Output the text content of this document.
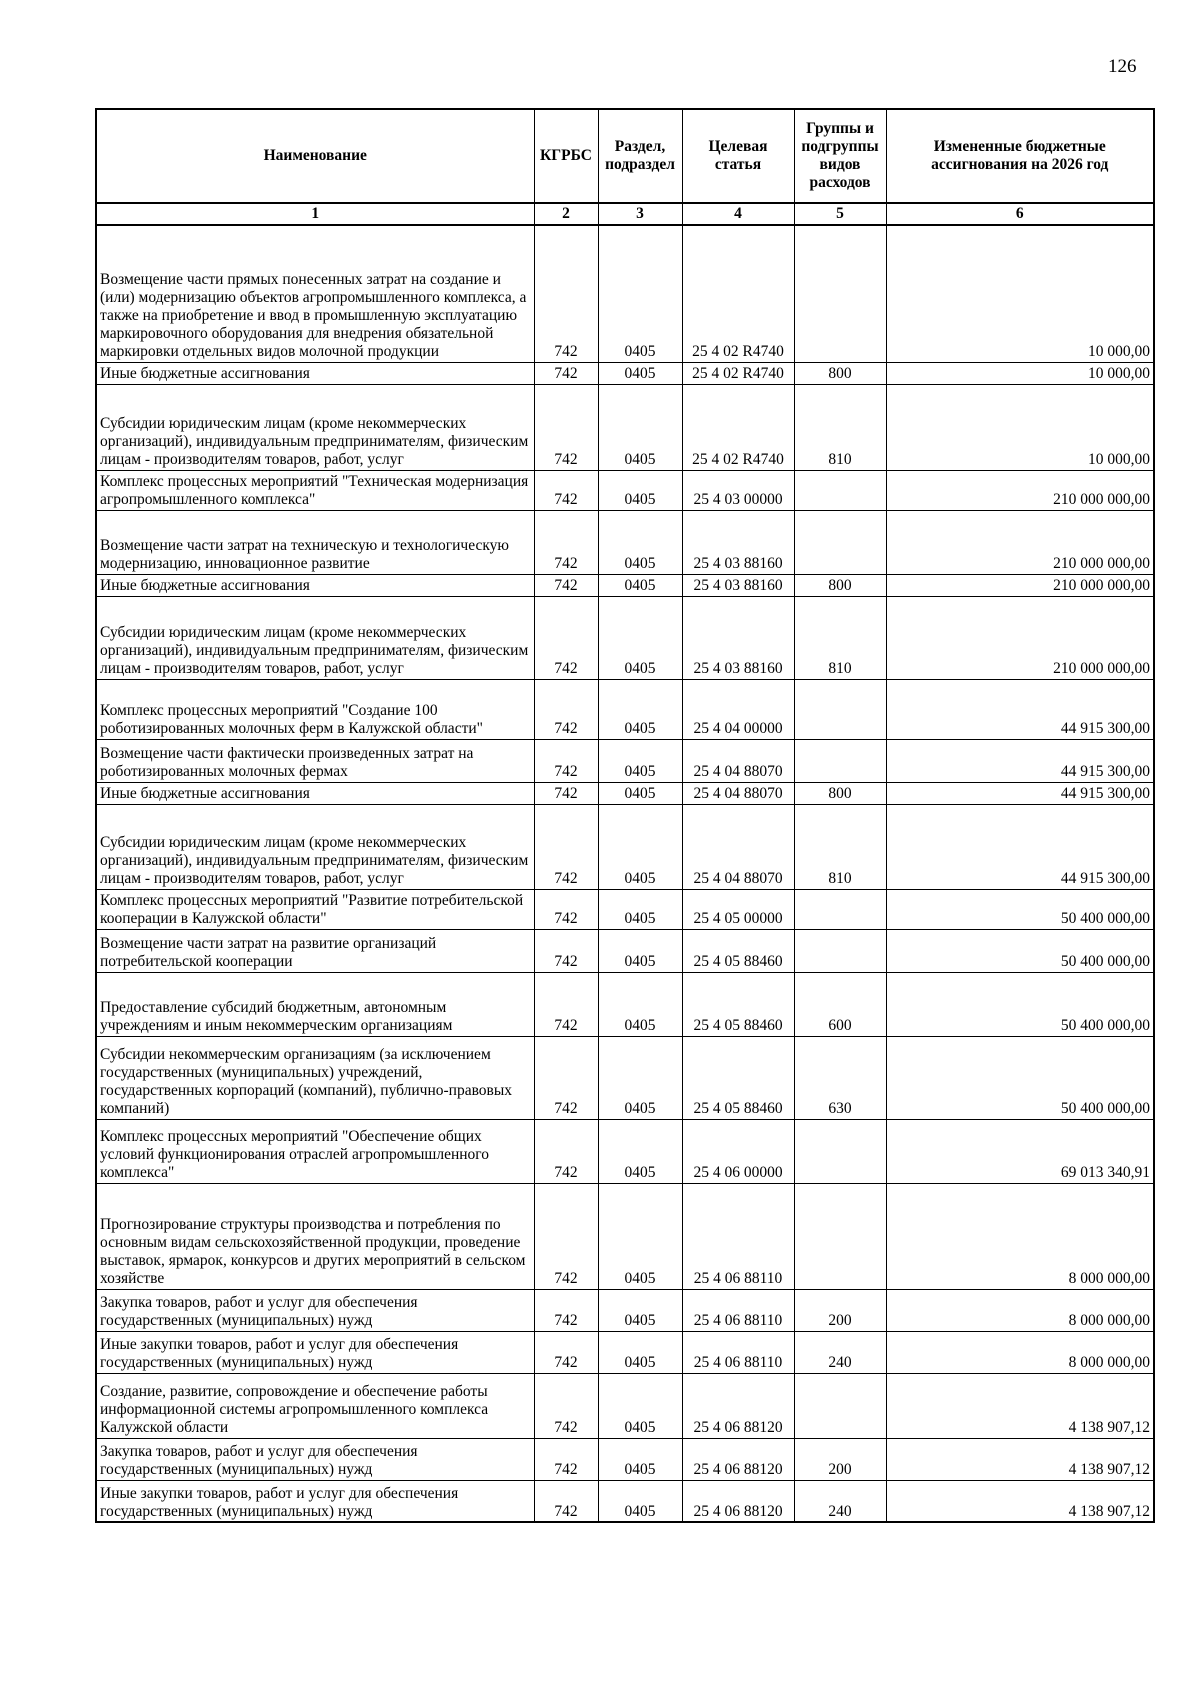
126
Наименование	КГРБС	Раздел, подраздел	Целевая статья	Группы и подгруппы видов расходов	Измененные бюджетные ассигнования на 2026 год
1	2	3	4	5	6
Возмещение части прямых понесенных затрат на создание и (или) модернизацию объектов агропромышленного комплекса, а также на приобретение и ввод в промышленную эксплуатацию маркировочного оборудования для внедрения обязательной маркировки отдельных видов молочной продукции	742	0405	25 4 02 R4740		10 000,00
Иные бюджетные ассигнования	742	0405	25 4 02 R4740	800	10 000,00
Субсидии юридическим лицам (кроме некоммерческих организаций), индивидуальным предпринимателям, физическим лицам - производителям товаров, работ, услуг	742	0405	25 4 02 R4740	810	10 000,00
Комплекс процессных мероприятий "Техническая модернизация агропромышленного комплекса"	742	0405	25 4 03 00000		210 000 000,00
Возмещение части затрат на техническую и технологическую модернизацию, инновационное развитие	742	0405	25 4 03 88160		210 000 000,00
Иные бюджетные ассигнования	742	0405	25 4 03 88160	800	210 000 000,00
Субсидии юридическим лицам (кроме некоммерческих организаций), индивидуальным предпринимателям, физическим лицам - производителям товаров, работ, услуг	742	0405	25 4 03 88160	810	210 000 000,00
Комплекс процессных мероприятий "Создание 100 роботизированных молочных ферм в Калужской области"	742	0405	25 4 04 00000		44 915 300,00
Возмещение части фактически произведенных затрат на роботизированных молочных фермах	742	0405	25 4 04 88070		44 915 300,00
Иные бюджетные ассигнования	742	0405	25 4 04 88070	800	44 915 300,00
Субсидии юридическим лицам (кроме некоммерческих организаций), индивидуальным предпринимателям, физическим лицам - производителям товаров, работ, услуг	742	0405	25 4 04 88070	810	44 915 300,00
Комплекс процессных мероприятий "Развитие потребительской кооперации в Калужской области"	742	0405	25 4 05 00000		50 400 000,00
Возмещение части затрат на развитие организаций потребительской кооперации	742	0405	25 4 05 88460		50 400 000,00
Предоставление субсидий бюджетным, автономным учреждениям и иным некоммерческим организациям	742	0405	25 4 05 88460	600	50 400 000,00
Субсидии некоммерческим организациям (за исключением государственных (муниципальных) учреждений, государственных корпораций (компаний), публично-правовых компаний)	742	0405	25 4 05 88460	630	50 400 000,00
Комплекс процессных мероприятий "Обеспечение общих условий функционирования отраслей агропромышленного комплекса"	742	0405	25 4 06 00000		69 013 340,91
Прогнозирование структуры производства и потребления по основным видам сельскохозяйственной продукции, проведение выставок, ярмарок, конкурсов и других мероприятий в сельском хозяйстве	742	0405	25 4 06 88110		8 000 000,00
Закупка товаров, работ и услуг для обеспечения государственных (муниципальных) нужд	742	0405	25 4 06 88110	200	8 000 000,00
Иные закупки товаров, работ и услуг для обеспечения государственных (муниципальных) нужд	742	0405	25 4 06 88110	240	8 000 000,00
Создание, развитие, сопровождение и обеспечение работы информационной системы агропромышленного комплекса Калужской области	742	0405	25 4 06 88120		4 138 907,12
Закупка товаров, работ и услуг для обеспечения государственных (муниципальных) нужд	742	0405	25 4 06 88120	200	4 138 907,12
Иные закупки товаров, работ и услуг для обеспечения государственных (муниципальных) нужд	742	0405	25 4 06 88120	240	4 138 907,12
